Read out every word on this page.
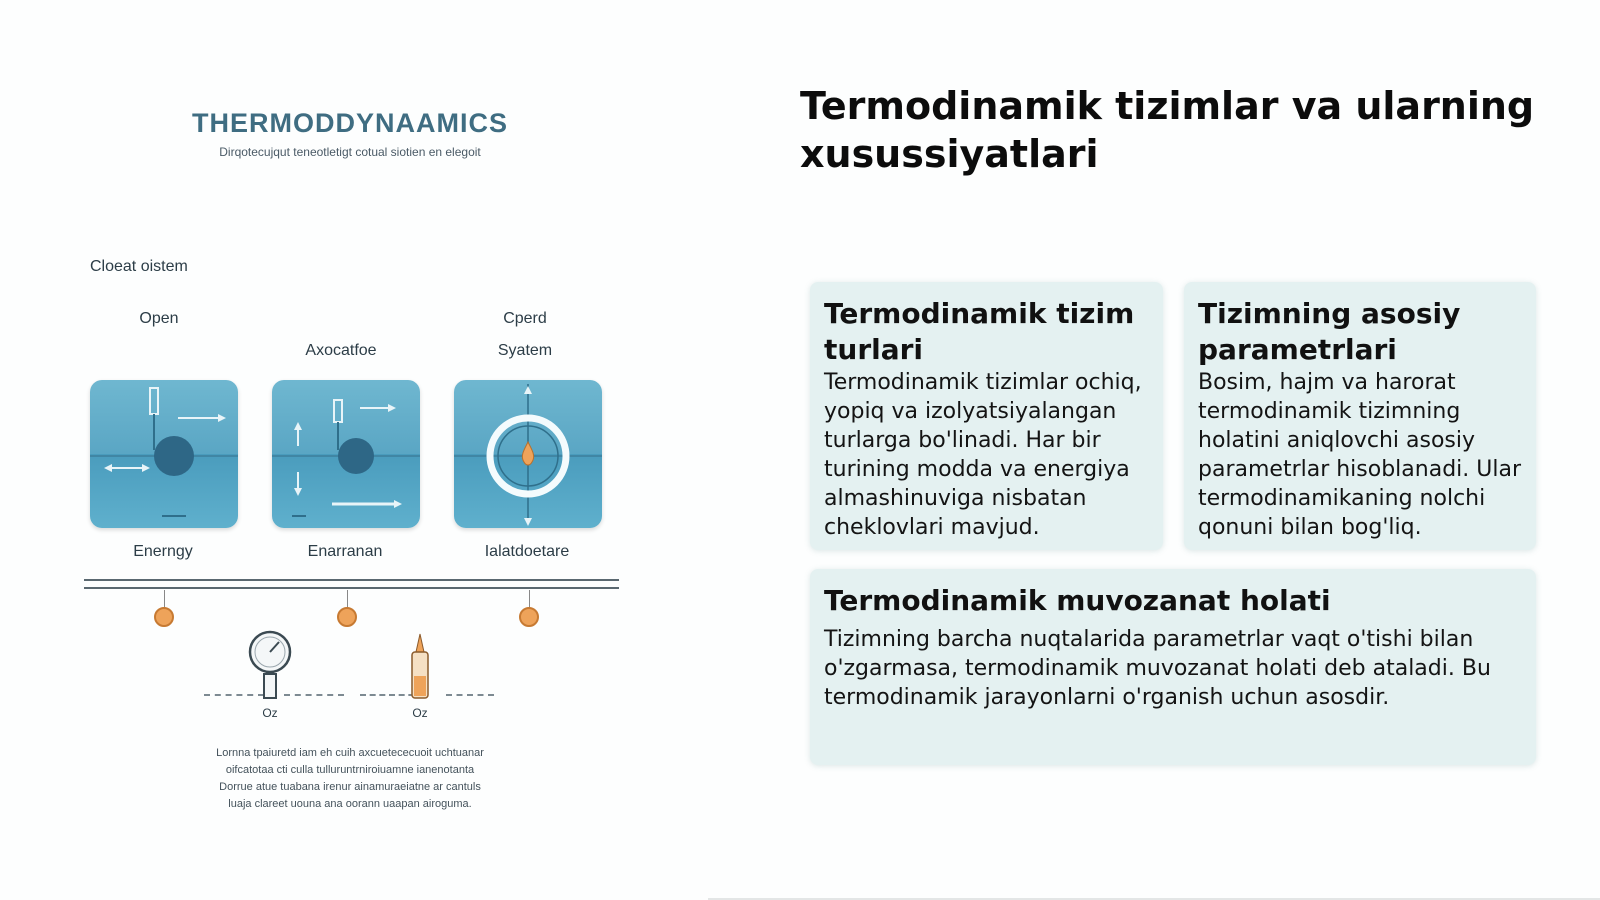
THERMODDYNAAMICS
Dirqotecujqut teneotletigt cotual siotien en elegoit
Cloeat oistem
Open	Cperd
Axocatfoe	Syatem
Enerngy	Enarranan	Ialatdoetare
Oz	Oz
Lornna tpaiuretd iam eh cuih axcuetececuoit uchtuanar
oifcatotaa cti culla tulluruntrniroiuamne ianenotanta
Dorrue atue tuabana irenur ainamuraeiatne ar cantuls
luaja clareet uouna ana oorann uaapan airoguma.
Termodinamik tizimlar va ularning xusussiyatlari
Termodinamik tizim turlari

Termodinamik tizimlar ochiq, yopiq va izolyatsiyalangan turlarga bo'linadi. Har bir turining modda va energiya almashinuviga nisbatan cheklovlari mavjud.

Tizimning asosiy parametrlari

Bosim, hajm va harorat termodinamik tizimning holatini aniqlovchi asosiy parametrlar hisoblanadi. Ular termodinamikaning nolchi qonuni bilan bog'liq.

Termodinamik muvozanat holati

Tizimning barcha nuqtalarida parametrlar vaqt o'tishi bilan o'zgarmasa, termodinamik muvozanat holati deb ataladi. Bu termodinamik jarayonlarni o'rganish uchun asosdir.
